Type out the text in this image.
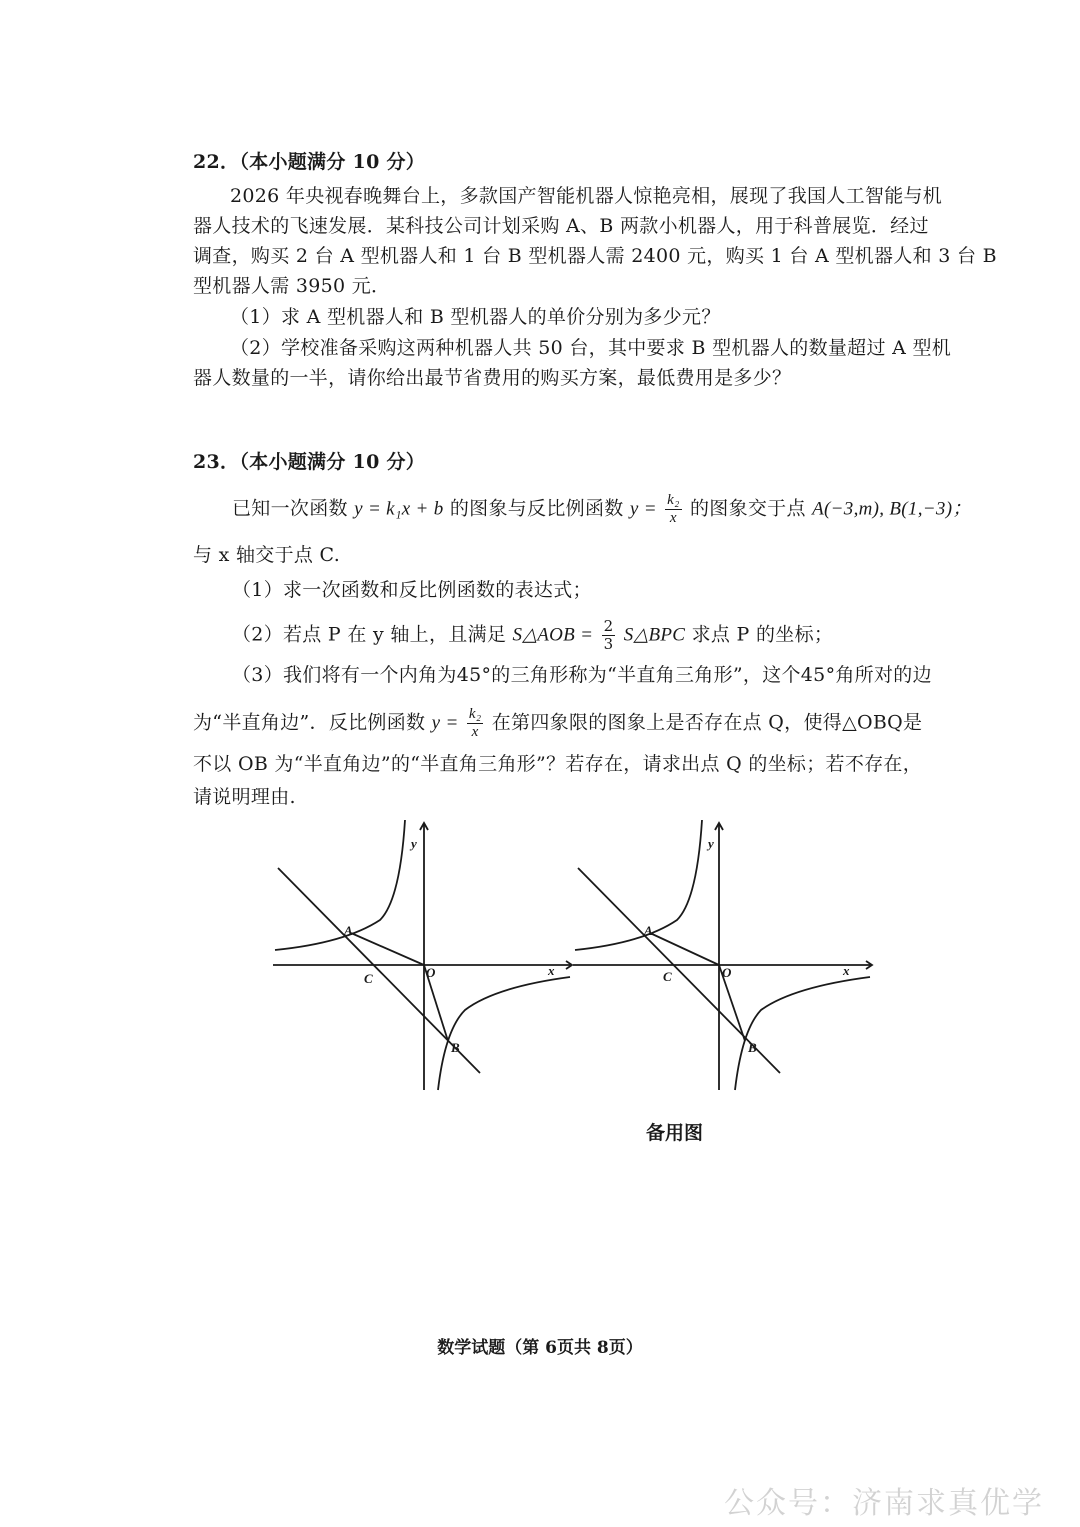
22．（本小题满分 10 分）
2026 年央视春晚舞台上，多款国产智能机器人惊艳亮相，展现了我国人工智能与机
器人技术的飞速发展．某科技公司计划采购 A、B 两款小机器人，用于科普展览．经过
调查，购买 2 台 A 型机器人和 1 台 B 型机器人需 2400 元，购买 1 台 A 型机器人和 3 台 B
型机器人需 3950 元．
（1）求 A 型机器人和 B 型机器人的单价分别为多少元？
（2）学校准备采购这两种机器人共 50 台，其中要求 B 型机器人的数量超过 A 型机
器人数量的一半，请你给出最节省费用的购买方案，最低费用是多少？
23．（本小题满分 10 分）
已知一次函数 y = k₁x + b 的图象与反比例函数 $y = \frac{\text{k₂}}{x}$ 的图象交于点 A(−3,m), B(1,−3)；
与 x 轴交于点 C.
（1）求一次函数和反比例函数的表达式；
（2）若点 P 在 y 轴上，且满足 S△AOB = $\frac{2}{3}$ S△BPC 求点 P 的坐标；
（3）我们将有一个内角为45°的三角形称为“半直角三角形”，这个45°角所对的边
为“半直角边”．反比例函数 $y = \frac{\text{k₂}}{x}$ 在第四象限的图象上是否存在点 Q，使得△OBQ是
不以 OB 为“半直角边”的“半直角三角形”？若存在，请求出点 Q 的坐标；若不存在，
请说明理由.
A
C	O	x
y
B
A
C	O	x
y
B
备用图
数学试题（第 6页共 8页）
公众号：济南求真优学
